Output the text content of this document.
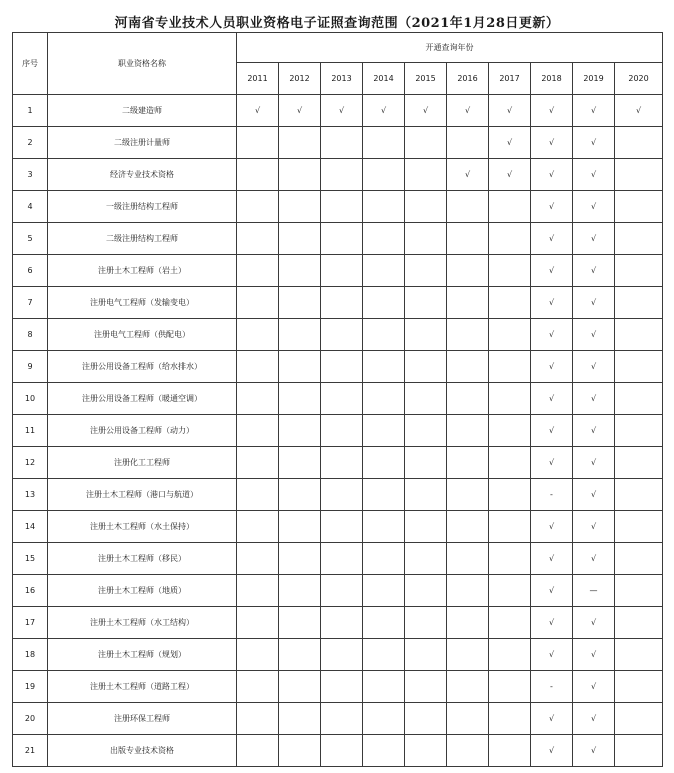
河南省专业技术人员职业资格电子证照查询范围（2021年1月28日更新）
序号	职业资格名称	开通查询年份									
		2011	2012	2013	2014	2015	2016	2017	2018	2019	2020
1	二级建造师	√	√	√	√	√	√	√	√	√	√
2	二级注册计量师							√	√	√	
3	经济专业技术资格						√	√	√	√	
4	一级注册结构工程师								√	√	
5	二级注册结构工程师								√	√	
6	注册土木工程师（岩土）								√	√	
7	注册电气工程师（发输变电）								√	√	
8	注册电气工程师（供配电）								√	√	
9	注册公用设备工程师（给水排水）								√	√	
10	注册公用设备工程师（暖通空调）								√	√	
11	注册公用设备工程师（动力）								√	√	
12	注册化工工程师								√	√	
13	注册土木工程师（港口与航道）								-	√	
14	注册土木工程师（水土保持）								√	√	
15	注册土木工程师（移民）								√	√	
16	注册土木工程师（地质）								√	—	
17	注册土木工程师（水工结构）								√	√	
18	注册土木工程师（规划）								√	√	
19	注册土木工程师（道路工程）								-	√	
20	注册环保工程师								√	√	
21	出版专业技术资格								√	√	
